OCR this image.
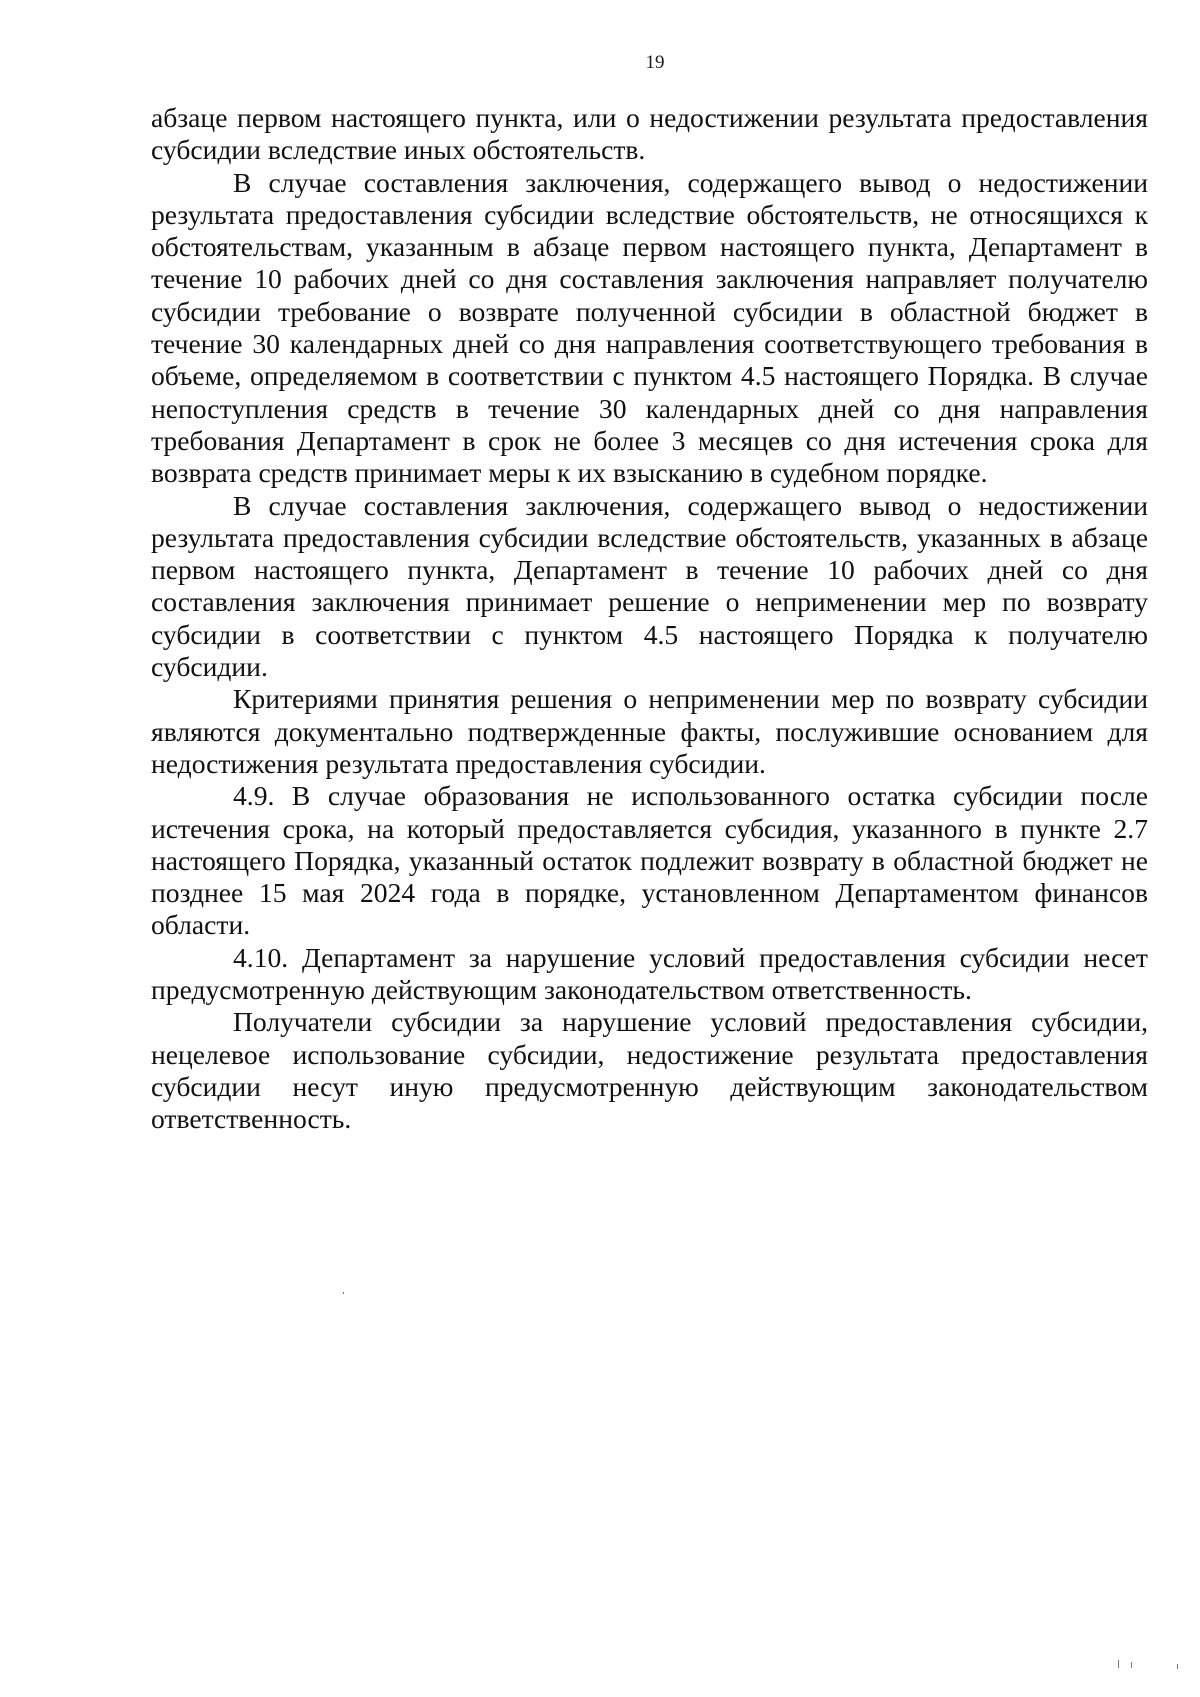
19

абзаце первом настоящего пункта, или о недостижении результата предоставления субсидии вследствие иных обстоятельств.

В случае составления заключения, содержащего вывод о недостижении результата предоставления субсидии вследствие обстоятельств, не относящихся к обстоятельствам, указанным в абзаце первом настоящего пункта, Департамент в течение 10 рабочих дней со дня составления заключения направляет получателю субсидии требование о возврате полученной субсидии в областной бюджет в течение 30 календарных дней со дня направления соответствующего требования в объеме, определяемом в соответствии с пунктом 4.5 настоящего Порядка. В случае непоступления средств в течение 30 календарных дней со дня направления требования Департамент в срок не более 3 месяцев со дня истечения срока для возврата средств принимает меры к их взысканию в судебном порядке.

В случае составления заключения, содержащего вывод о недостижении результата предоставления субсидии вследствие обстоятельств, указанных в абзаце первом настоящего пункта, Департамент в течение 10 рабочих дней со дня составления заключения принимает решение о неприменении мер по возврату субсидии в соответствии с пунктом 4.5 настоящего Порядка к получателю субсидии.

Критериями принятия решения о неприменении мер по возврату субсидии являются документально подтвержденные факты, послужившие основанием для недостижения результата предоставления субсидии.

4.9. В случае образования не использованного остатка субсидии после истечения срока, на который предоставляется субсидия, указанного в пункте 2.7 настоящего Порядка, указанный остаток подлежит возврату в областной бюджет не позднее 15 мая 2024 года в порядке, установленном Департаментом финансов области.

4.10. Департамент за нарушение условий предоставления субсидии несет предусмотренную действующим законодательством ответственность.

Получатели субсидии за нарушение условий предоставления субсидии, нецелевое использование субсидии, недостижение результата предоставления субсидии несут иную предусмотренную действующим законодательством ответственность.
